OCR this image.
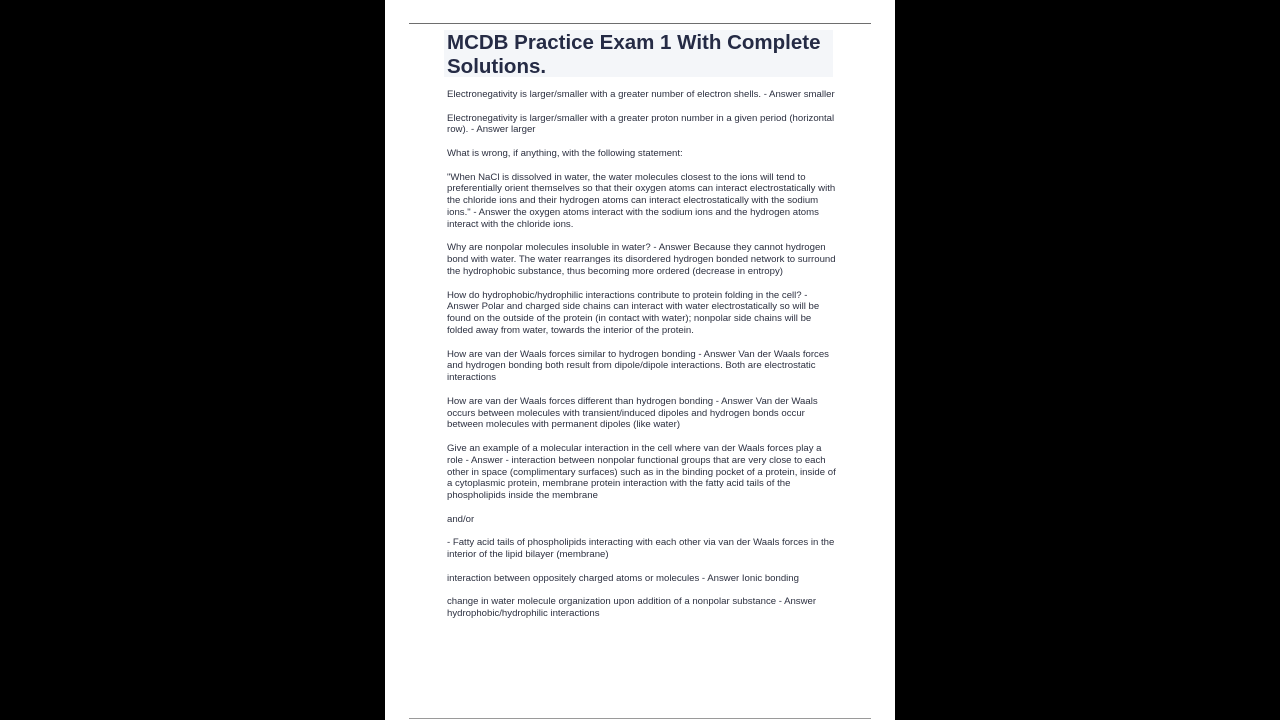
MCDB Practice Exam 1 With Complete Solutions.

Electronegativity is larger/smaller with a greater number of electron shells. - Answer smaller

Electronegativity is larger/smaller with a greater proton number in a given period (horizontal row). - Answer larger

What is wrong, if anything, with the following statement:

"When NaCl is dissolved in water, the water molecules closest to the ions will tend to preferentially orient themselves so that their oxygen atoms can interact electrostatically with the chloride ions and their hydrogen atoms can interact electrostatically with the sodium ions." - Answer the oxygen atoms interact with the sodium ions and the hydrogen atoms interact with the chloride ions.

Why are nonpolar molecules insoluble in water? - Answer Because they cannot hydrogen bond with water. The water rearranges its disordered hydrogen bonded network to surround the hydrophobic substance, thus becoming more ordered (decrease in entropy)

How do hydrophobic/hydrophilic interactions contribute to protein folding in the cell? - Answer Polar and charged side chains can interact with water electrostatically so will be found on the outside of the protein (in contact with water); nonpolar side chains will be folded away from water, towards the interior of the protein.

How are van der Waals forces similar to hydrogen bonding - Answer Van der Waals forces and hydrogen bonding both result from dipole/dipole interactions. Both are electrostatic interactions

How are van der Waals forces different than hydrogen bonding - Answer Van der Waals occurs between molecules with transient/induced dipoles and hydrogen bonds occur between molecules with permanent dipoles (like water)

Give an example of a molecular interaction in the cell where van der Waals forces play a role - Answer - interaction between nonpolar functional groups that are very close to each other in space (complimentary surfaces) such as in the binding pocket of a protein, inside of a cytoplasmic protein, membrane protein interaction with the fatty acid tails of the phospholipids inside the membrane

and/or

- Fatty acid tails of phospholipids interacting with each other via van der Waals forces in the interior of the lipid bilayer (membrane)

interaction between oppositely charged atoms or molecules - Answer Ionic bonding

change in water molecule organization upon addition of a nonpolar substance - Answer hydrophobic/hydrophilic interactions
